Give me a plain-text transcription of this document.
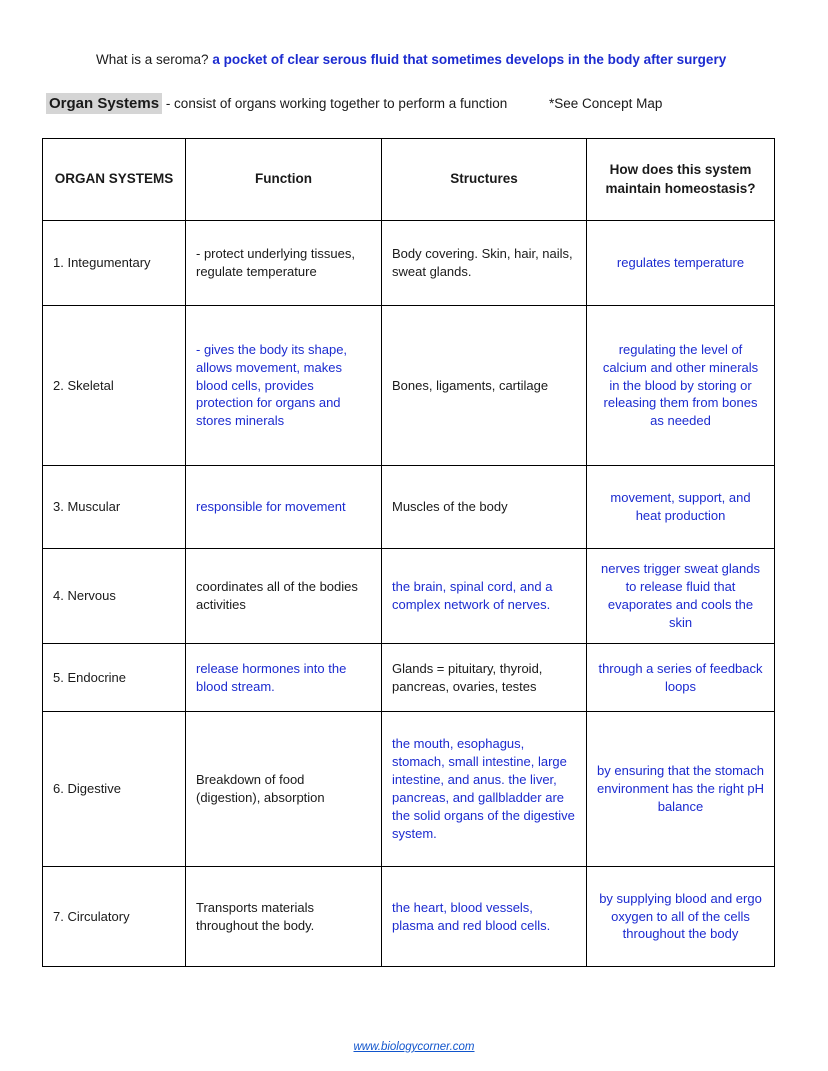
What is a seroma? a pocket of clear serous fluid that sometimes develops in the body after surgery

Organ Systems - consist of organs working together to perform a function	*See Concept Map

ORGAN SYSTEMS	Function	Structures	How does this system maintain homeostasis?
1. Integumentary	- protect underlying tissues, regulate temperature	Body covering. Skin, hair, nails, sweat glands.	regulates temperature
2. Skeletal	- gives the body its shape, allows movement, makes blood cells, provides protection for organs and stores minerals	Bones, ligaments, cartilage	regulating the level of calcium and other minerals in the blood by storing or releasing them from bones as needed
3. Muscular	responsible for movement	Muscles of the body	movement, support, and heat production
4. Nervous	coordinates all of the bodies activities	the brain, spinal cord, and a complex network of nerves.	nerves trigger sweat glands to release fluid that evaporates and cools the skin
5. Endocrine	release hormones into the blood stream.	Glands = pituitary, thyroid, pancreas, ovaries, testes	through a series of feedback loops
6. Digestive	Breakdown of food (digestion), absorption	the mouth, esophagus, stomach, small intestine, large intestine, and anus. the liver, pancreas, and gallbladder are the solid organs of the digestive system.	by ensuring that the stomach environment has the right pH balance
7. Circulatory	Transports materials throughout the body.	the heart, blood vessels, plasma and red blood cells.	by supplying blood and ergo oxygen to all of the cells throughout the body
www.biologycorner.com
